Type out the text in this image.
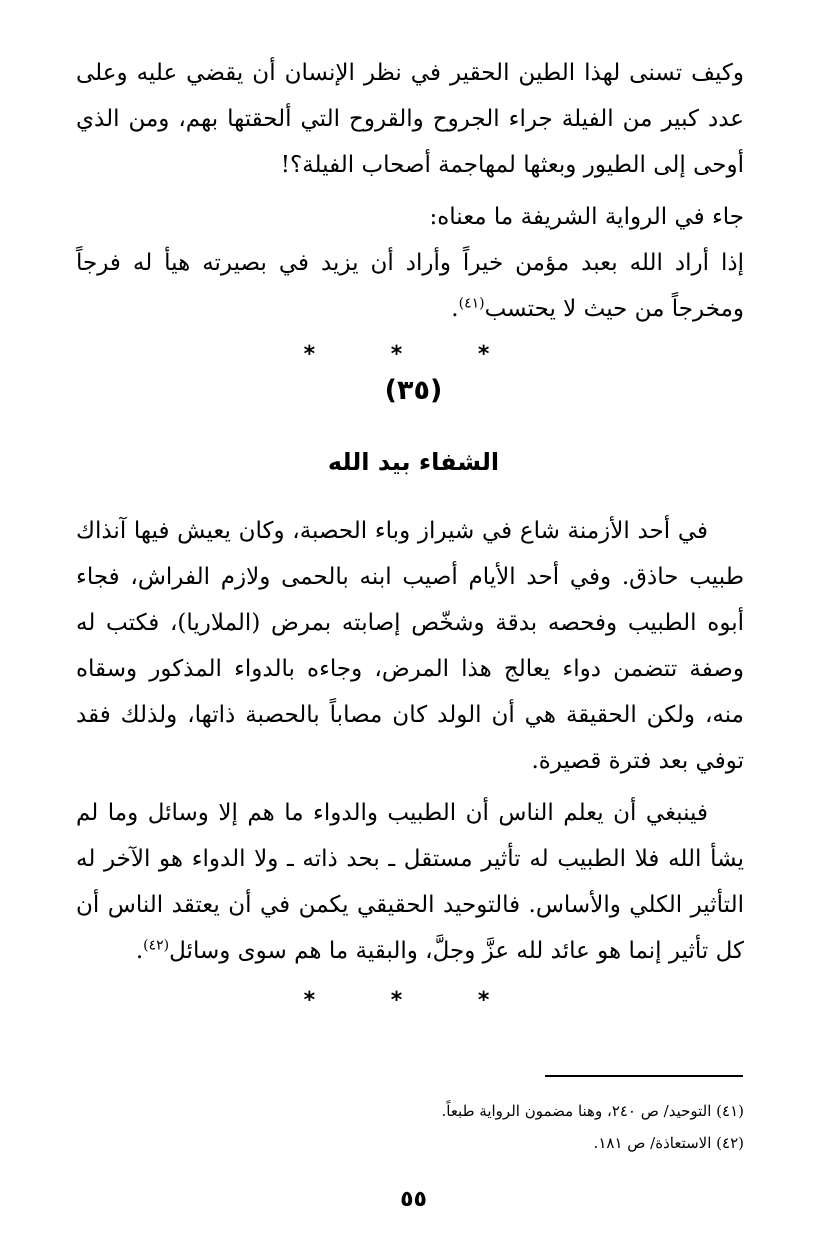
وكيف تسنى لهذا الطين الحقير في نظر الإنسان أن يقضي عليه وعلى عدد كبير من الفيلة جراء الجروح والقروح التي ألحقتها بهم، ومن الذي أوحى إلى الطيور وبعثها لمهاجمة أصحاب الفيلة؟!

جاء في الرواية الشريفة ما معناه:

إذا أراد الله بعبد مؤمن خيراً وأراد أن يزيد في بصيرته هيأ له فرجاً ومخرجاً من حيث لا يحتسب$^{(٤١)}$.

* * *
(٣٥)
الشفاء بيد الله

في أحد الأزمنة شاع في شيراز وباء الحصبة، وكان يعيش فيها آنذاك طبيب حاذق. وفي أحد الأيام أصيب ابنه بالحمى ولازم الفراش، فجاء أبوه الطبيب وفحصه بدقة وشخّص إصابته بمرض (الملاريا)، فكتب له وصفة تتضمن دواء يعالج هذا المرض، وجاءه بالدواء المذكور وسقاه منه، ولكن الحقيقة هي أن الولد كان مصاباً بالحصبة ذاتها، ولذلك فقد توفي بعد فترة قصيرة.

فينبغي أن يعلم الناس أن الطبيب والدواء ما هم إلا وسائل وما لم يشأ الله فلا الطبيب له تأثير مستقل ـ بحد ذاته ـ ولا الدواء هو الآخر له التأثير الكلي والأساس. فالتوحيد الحقيقي يكمن في أن يعتقد الناس أن كل تأثير إنما هو عائد لله عزَّ وجلَّ، والبقية ما هم سوى وسائل$^{(٤٢)}$.

* * *

(٤١) التوحيد/ ص ٢٤٠، وهنا مضمون الرواية طبعاً.

(٤٢) الاستعاذة/ ص ١٨١.

٥٥
